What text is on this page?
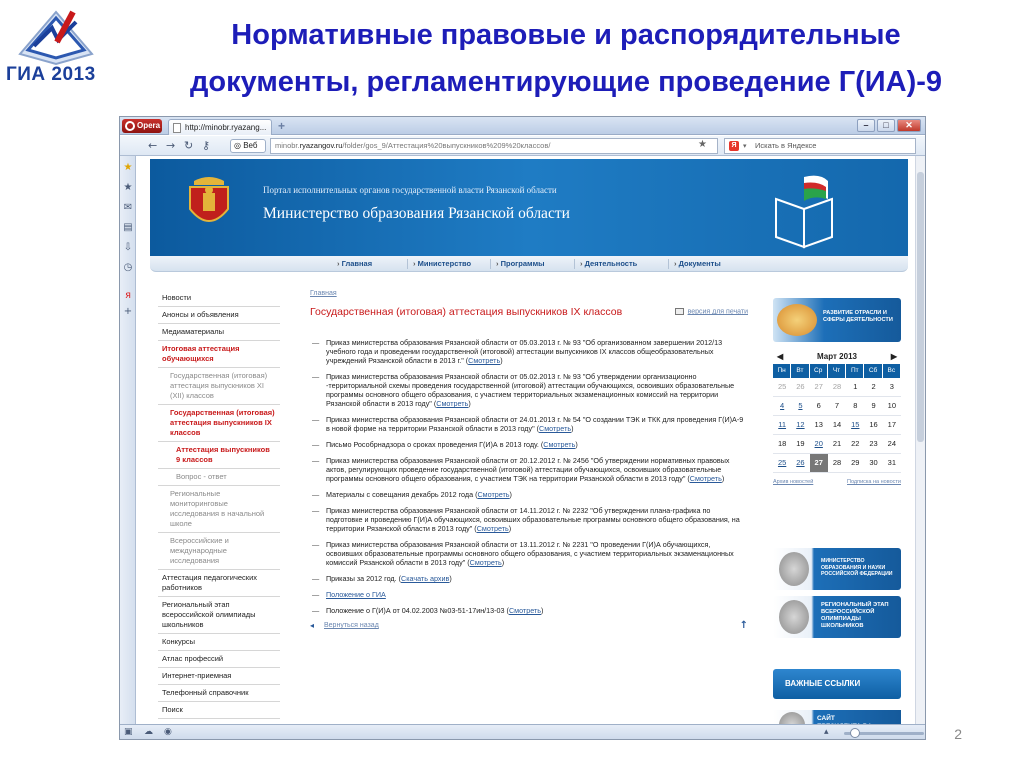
ГИА 2013
Нормативные правовые и распорядительные
документы, регламентирующие проведение Г(ИА)-9
Opera	http://minobr.ryazang... +	–	□	✕
← → ↻ ⚷	◎ Веб	minobr.ryazangov.ru/folder/gos_9/Аттестация%20выпускников%209%20классов/	★	Я ▾ Искать в Яндексе
★
★
✉
▤
⇩
◷
я
+
Портал исполнительных органов государственной власти Рязанской области
Министерство образования Рязанской области
› Главная	› Министерство	› Программы	› Деятельность	› Документы
Новости
Анонсы и объявления
Медиаматериалы
Итоговая аттестация обучающихся
Государственная (итоговая) аттестация выпускников XI (XII) классов
Государственная (итоговая) аттестация выпускников IX классов
Аттестация выпускников 9 классов
Вопрос - ответ
Региональные мониторинговые исследования в начальной школе
Всероссийские и международные исследования
Аттестация педагогических работников
Региональный этап всероссийской олимпиады школьников
Конкурсы
Атлас профессий
Интернет-приемная
Телефонный справочник
Поиск
Главная
Государственная (итоговая) аттестация выпускников IX классов	версия для печати
— Приказ министерства образования Рязанской области от 05.03.2013 г. № 93 "Об организованном завершении 2012/13 учебного года и проведении государственной (итоговой) аттестации выпускников IX классов общеобразовательных учреждений Рязанской области в 2013 г." (Смотреть)
— Приказ министерства образования Рязанской области от 05.02.2013 г. № 93 "Об утверждении организационно -территориальной схемы проведения государственной (итоговой) аттестации обучающихся, освоивших образовательные программы основного общего образования, с участием территориальных экзаменационных комиссий на территории Рязанской области в 2013 году" (Смотреть)
— Приказ министерства образования Рязанской области от 24.01.2013 г. № 54 "О создании ТЭК и ТКК для проведения Г(И)А-9 в новой форме на территории Рязанской области в 2013 году" (Смотреть)
— Письмо Рособрнадзора о сроках проведения Г(И)А в 2013 году. (Смотреть)
— Приказ министерства образования Рязанской области от 20.12.2012 г. № 2456 "Об утверждении нормативных правовых актов, регулирующих проведение государственной (итоговой) аттестации обучающихся, освоивших образовательные программы основного общего образования, с участием ТЭК на территории Рязанской области в 2013 году" (Смотреть)
— Материалы с совещания декабрь 2012 года (Смотреть)
— Приказ министерства образования Рязанской области от 14.11.2012 г. № 2232 "Об утверждении плана-графика по подготовке и проведению Г(И)А обучающихся, освоивших образовательные программы основного общего образования, на территории Рязанской области в 2013 году" (Смотреть)
— Приказ министерства образования Рязанской области от 13.11.2012 г. № 2231 "О проведении Г(И)А обучающихся, освоивших образовательные программы основного общего образования, с участием территориальных экзаменационных комиссий Рязанской области в 2013 году" (Смотреть)
— Приказы за 2012 год. (Скачать архив)
— Положение о ГИА
— Положение о Г(И)А от 04.02.2003 №03-51-17ин/13-03 (Смотреть)
◂ Вернуться назад	↑
РАЗВИТИЕ ОТРАСЛИ И СФЕРЫ ДЕЯТЕЛЬНОСТИ
◀	Март 2013	▶
Пн	Вт	Ср	Чт	Пт	Сб	Вс
25	26	27	28	1	2	3
4	5	6	7	8	9	10
11	12	13	14	15	16	17
18	19	20	21	22	23	24
25	26	27	28	29	30	31
Архив новостей	Подписка на новости
МИНИСТЕРСТВО ОБРАЗОВАНИЯ И НАУКИ РОССИЙСКОЙ ФЕДЕРАЦИИ
РЕГИОНАЛЬНЫЙ ЭТАП ВСЕРОССИЙСКОЙ ОЛИМПИАДЫ ШКОЛЬНИКОВ
ВАЖНЫЕ ССЫЛКИ
САЙТ
▣ ☁ ◉	▴	2
